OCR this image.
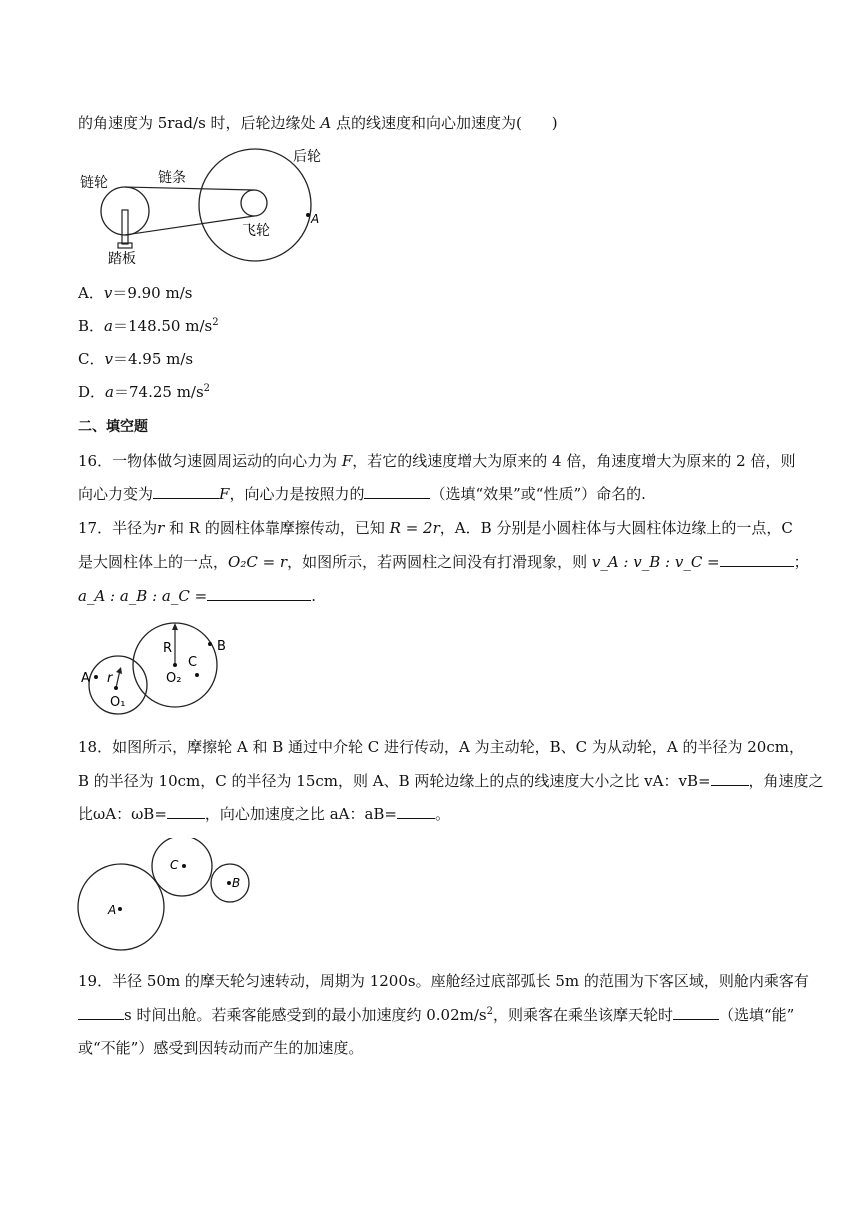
的角速度为 5rad/s 时，后轮边缘处 A 点的线速度和向心加速度为(　　)
链轮	链条
后轮
飞轮
踏板
A
A．v＝9.90 m/s
B．a＝148.50 $m/s^2$
C．v＝4.95 m/s
D．a＝74.25 $m/s^2$
二、填空题
16．一物体做匀速圆周运动的向心力为 F，若它的线速度增大为原来的 4 倍，角速度增大为原来的 2 倍，则
向心力变为	F，向心力是按照力的	（选填“效果”或“性质”）命名的.
17．半径为r 和 R 的圆柱体靠摩擦传动，已知 R = 2r，A．B 分别是小圆柱体与大圆柱体边缘上的一点，C
是大圆柱体上的一点，O₂C = r，如图所示，若两圆柱之间没有打滑现象，则 v_A : v_B : v_C =	；
a_A : a_B : a_C =	.
A
B
C
R
r
O₁
O₂
18．如图所示，摩擦轮 A 和 B 通过中介轮 C 进行传动，A 为主动轮，B、C 为从动轮，A 的半径为 20cm，
B 的半径为 10cm，C 的半径为 15cm，则 A、B 两轮边缘上的点的线速度大小之比 vA：vB=	，角速度之
比ωA：ωB=	，向心加速度之比 aA：aB=	。
A
C
B
19．半径 50m 的摩天轮匀速转动，周期为 1200s。座舱经过底部弧长 5m 的范围为下客区域，则舱内乘客有
s 时间出舱。若乘客能感受到的最小加速度约 $0.02m/s^2$，则乘客在乘坐该摩天轮时	（选填“能”
或“不能”）感受到因转动而产生的加速度。
